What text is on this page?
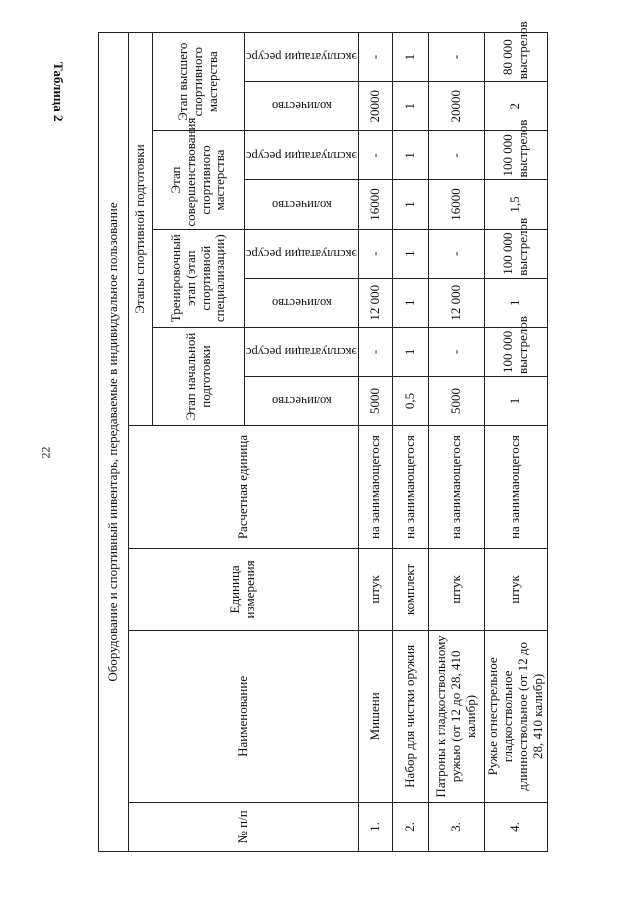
22
Таблица 2
Оборудование и спортивный инвентарь, передаваемые в индивидуальное пользование											
№ п/п	Наименование	Единица измерения	Расчетная единица	Этапы спортивной подготовки							
				Этап начальной подготовки		Тренировочный этап (этап спортивной специализации)		Этап совершенствования спортивного мастерства		Этап высшего спортивного мастерства	

				количество	эксплуатации ресурс	количество	эксплуатации ресурс	количество	эксплуатации ресурс	количество	эксплуатации ресурс

1.	Мишени	штук	на занимающегося	5000	-	12 000	-	16000	-	20000	-
2.	Набор для чистки оружия	комплект	на занимающегося	0,5	1	1	1	1	1	1	1
3.	Патроны к гладкоствольному ружью (от 12 до 28, 410 калибр)	штук	на занимающегося	5000	-	12 000	-	16000	-	20000	-
4.	Ружье огнестрельное гладкоствольное длинноствольное (от 12 до 28, 410 калибр)	штук	на занимающегося	1	100 000 выстрелов	1	100 000 выстрелов	1,5	100 000 выстрелов	2	80 000 выстрелов
